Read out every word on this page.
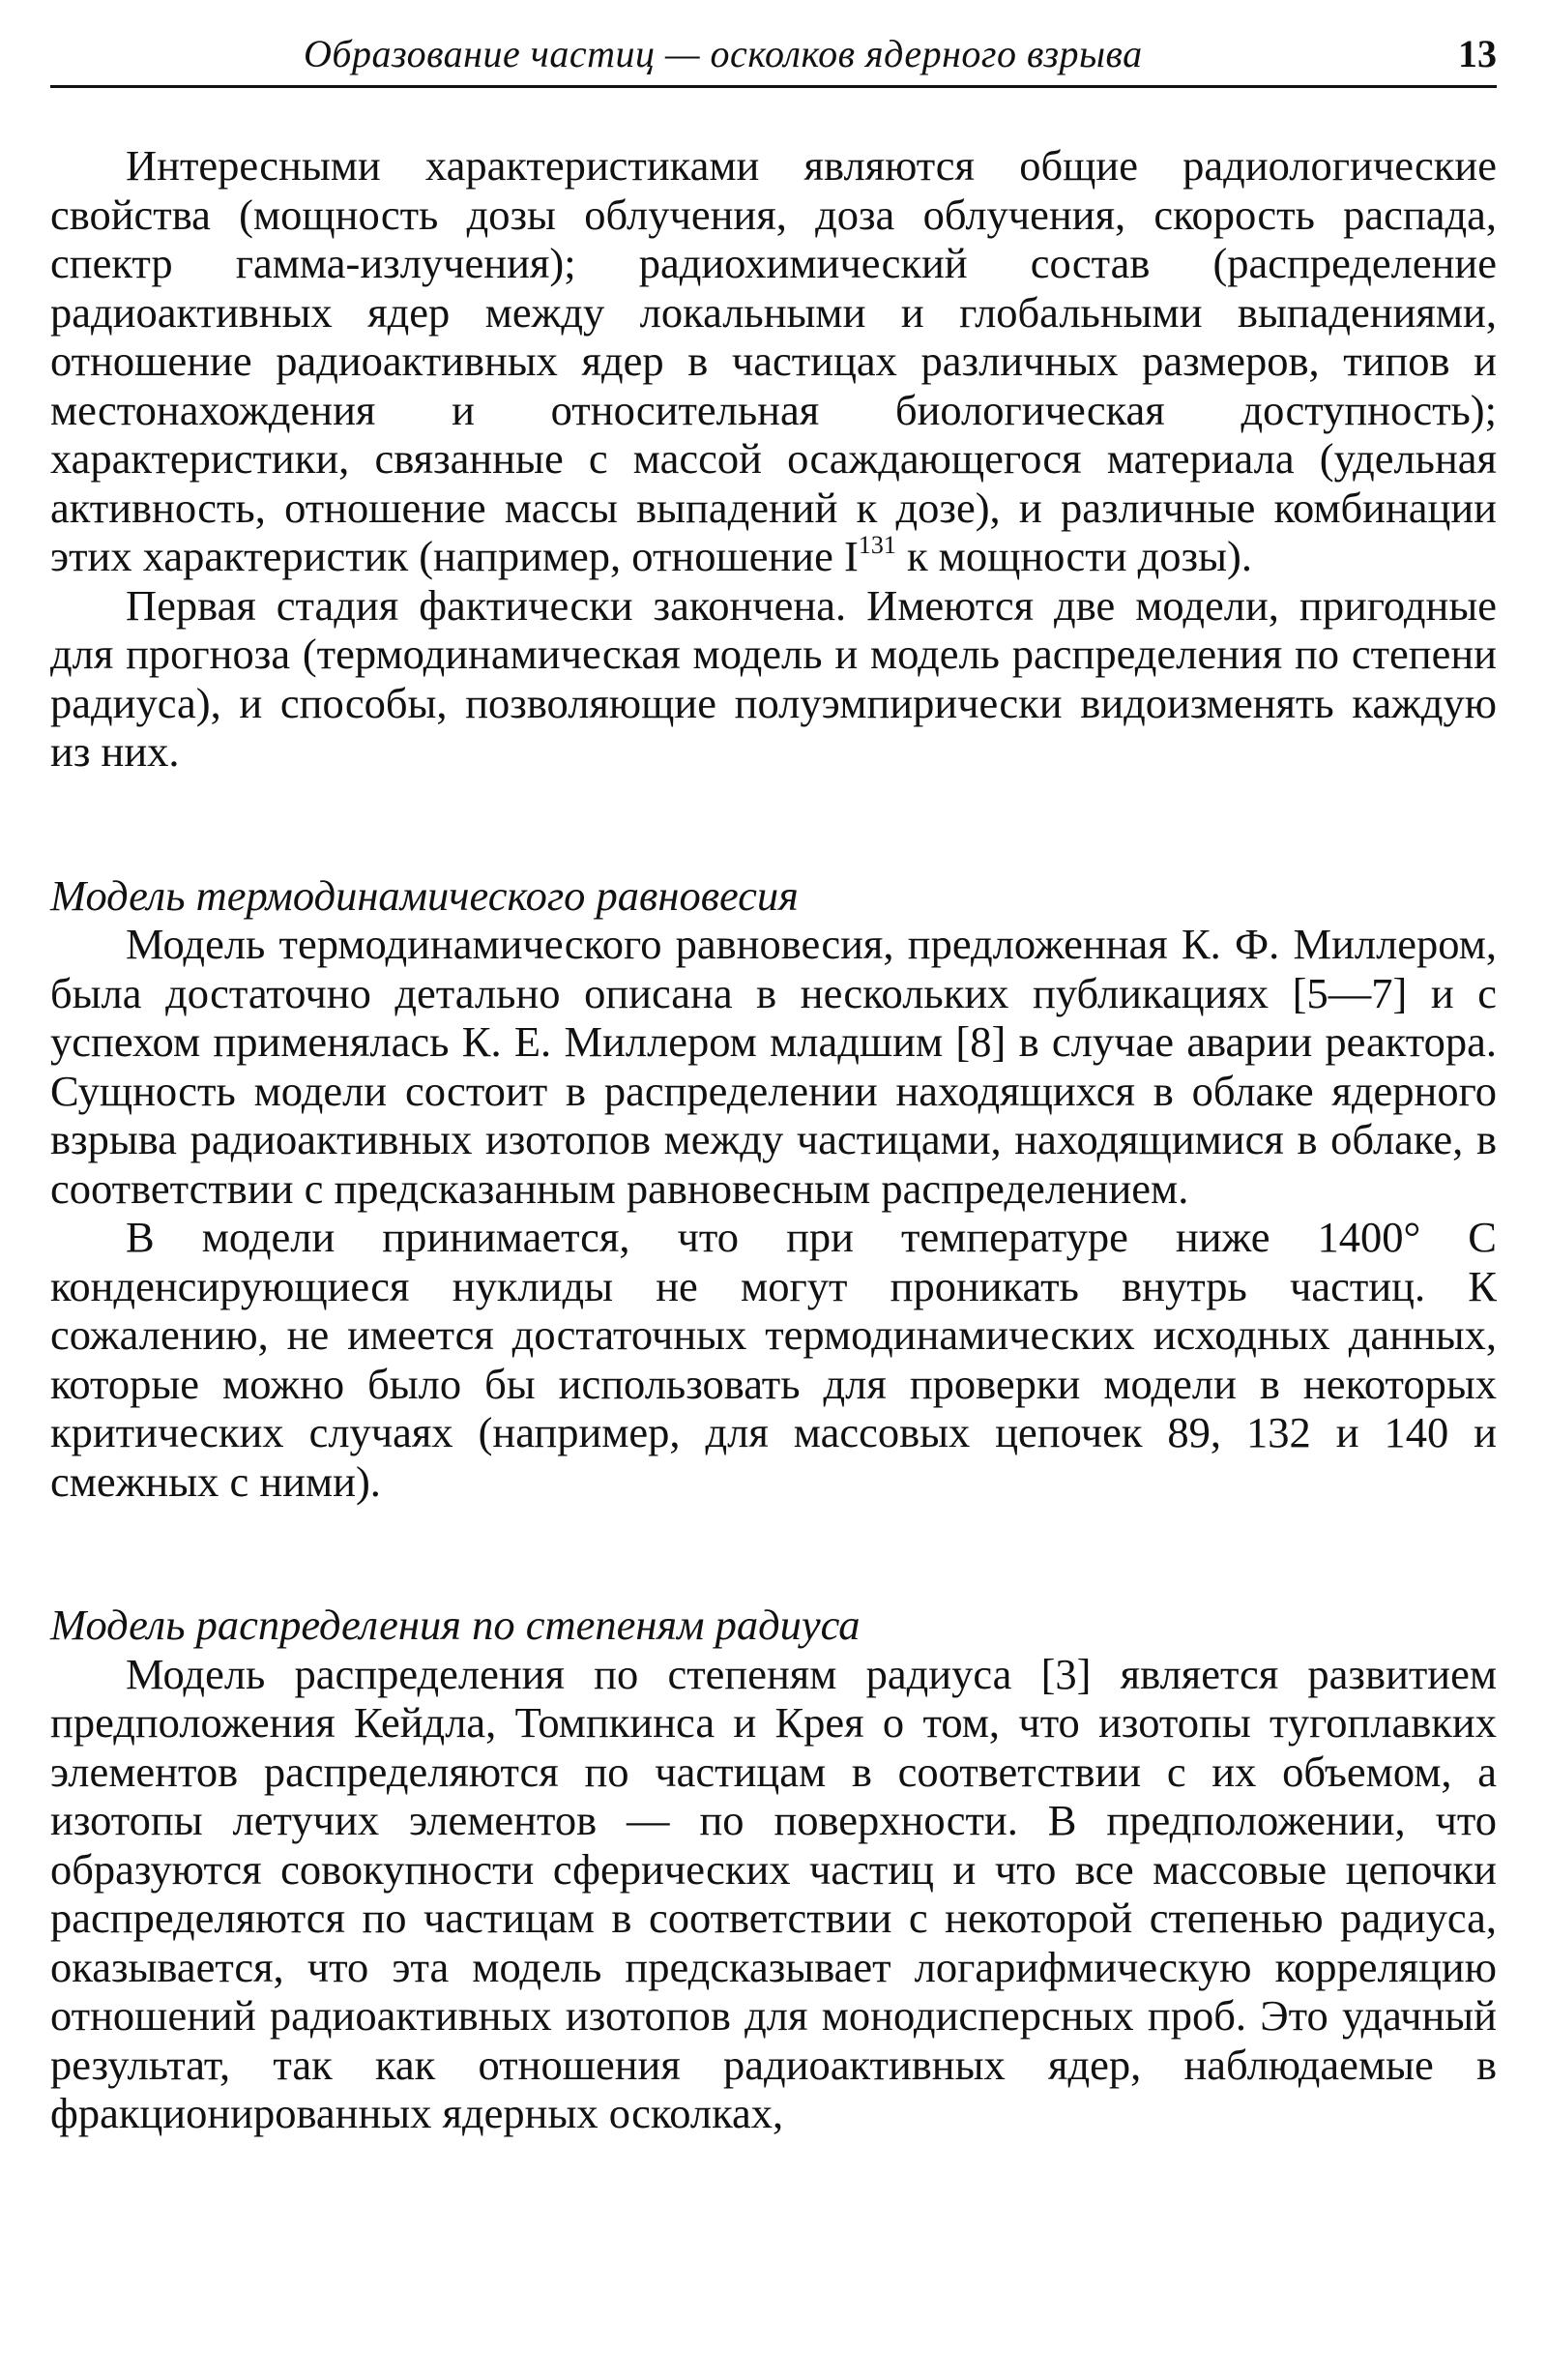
Образование частиц — осколков ядерного взрыва	13

Интересными характеристиками являются общие радиологические свойства (мощность дозы облучения, доза облучения, скорость распада, спектр гамма-излучения); радиохимический состав (распределение радиоактивных ядер между локальными и глобальными выпадениями, отношение радиоактивных ядер в частицах различных размеров, типов и местонахождения и относительная биологическая доступность); характеристики, связанные с массой осаждающегося материала (удельная активность, отношение массы выпадений к дозе), и различные комбинации этих характеристик (например, отношение $I^{131}$ к мощности дозы).

Первая стадия фактически закончена. Имеются две модели, пригодные для прогноза (термодинамическая модель и модель распределения по степени радиуса), и способы, позволяющие полуэмпирически видоизменять каждую из них.

Модель термодинамического равновесия

Модель термодинамического равновесия, предложенная К. Ф. Миллером, была достаточно детально описана в нескольких публикациях [5—7] и с успехом применялась К. Е. Миллером младшим [8] в случае аварии реактора. Сущность модели состоит в распределении находящихся в облаке ядерного взрыва радиоактивных изотопов между частицами, находящимися в облаке, в соответствии с предсказанным равновесным распределением.

В модели принимается, что при температуре ниже 1400° С конденсирующиеся нуклиды не могут проникать внутрь частиц. К сожалению, не имеется достаточных термодинамических исходных данных, которые можно было бы использовать для проверки модели в некоторых критических случаях (например, для массовых цепочек 89, 132 и 140 и смежных с ними).

Модель распределения по степеням радиуса

Модель распределения по степеням радиуса [3] является развитием предположения Кейдла, Томпкинса и Крея о том, что изотопы тугоплавких элементов распределяются по частицам в соответствии с их объемом, а изотопы летучих элементов — по поверхности. В предположении, что образуются совокупности сферических частиц и что все массовые цепочки распределяются по частицам в соответствии с некоторой степенью радиуса, оказывается, что эта модель предсказывает логарифмическую корреляцию отношений радиоактивных изотопов для монодисперсных проб. Это удачный результат, так как отношения радиоактивных ядер, наблюдаемые в фракционированных ядерных осколках,
